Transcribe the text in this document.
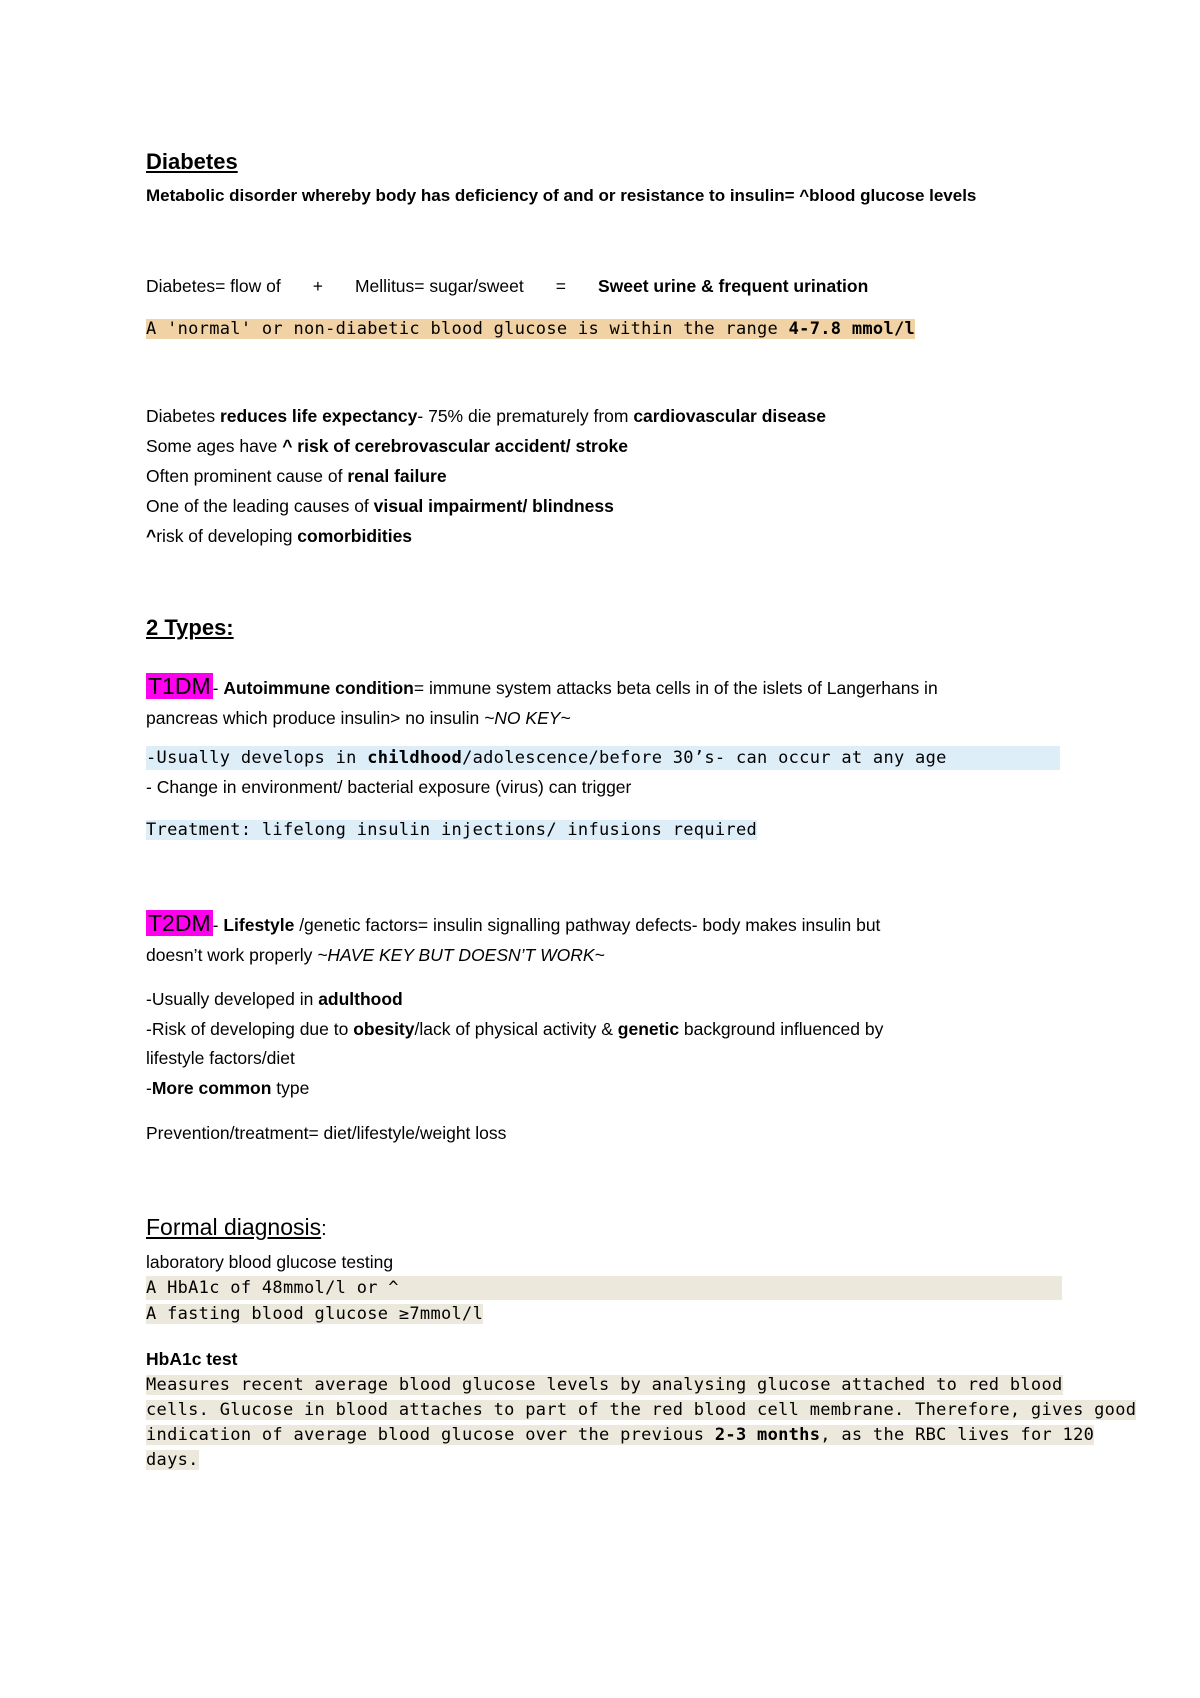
Diabetes
Metabolic disorder whereby body has deficiency of and or resistance to insulin= ^blood glucose levels
Diabetes= flow of + Mellitus= sugar/sweet = Sweet urine & frequent urination
A 'normal' or non-diabetic blood glucose is within the range 4-7.8 mmol/l
Diabetes reduces life expectancy- 75% die prematurely from cardiovascular disease
Some ages have ^ risk of cerebrovascular accident/ stroke
Often prominent cause of renal failure
One of the leading causes of visual impairment/ blindness
^risk of developing comorbidities
2 Types:
T1DM - Autoimmune condition= immune system attacks beta cells in of the islets of Langerhans in
pancreas which produce insulin> no insulin ~NO KEY~
-Usually develops in childhood/adolescence/before 30’s- can occur at any age
- Change in environment/ bacterial exposure (virus) can trigger
Treatment: lifelong insulin injections/ infusions required
T2DM - Lifestyle /genetic factors= insulin signalling pathway defects- body makes insulin but
doesn’t work properly ~HAVE KEY BUT DOESN’T WORK~
-Usually developed in adulthood
-Risk of developing due to obesity/lack of physical activity & genetic background influenced by
lifestyle factors/diet
-More common type
Prevention/treatment= diet/lifestyle/weight loss
Formal diagnosis:
laboratory blood glucose testing
A HbA1c of 48mmol/l or ^
A fasting blood glucose ≥7mmol/l
HbA1c test
Measures recent average blood glucose levels by analysing glucose attached to red blood
cells. Glucose in blood attaches to part of the red blood cell membrane. Therefore, gives good
indication of average blood glucose over the previous 2-3 months, as the RBC lives for 120
days.
